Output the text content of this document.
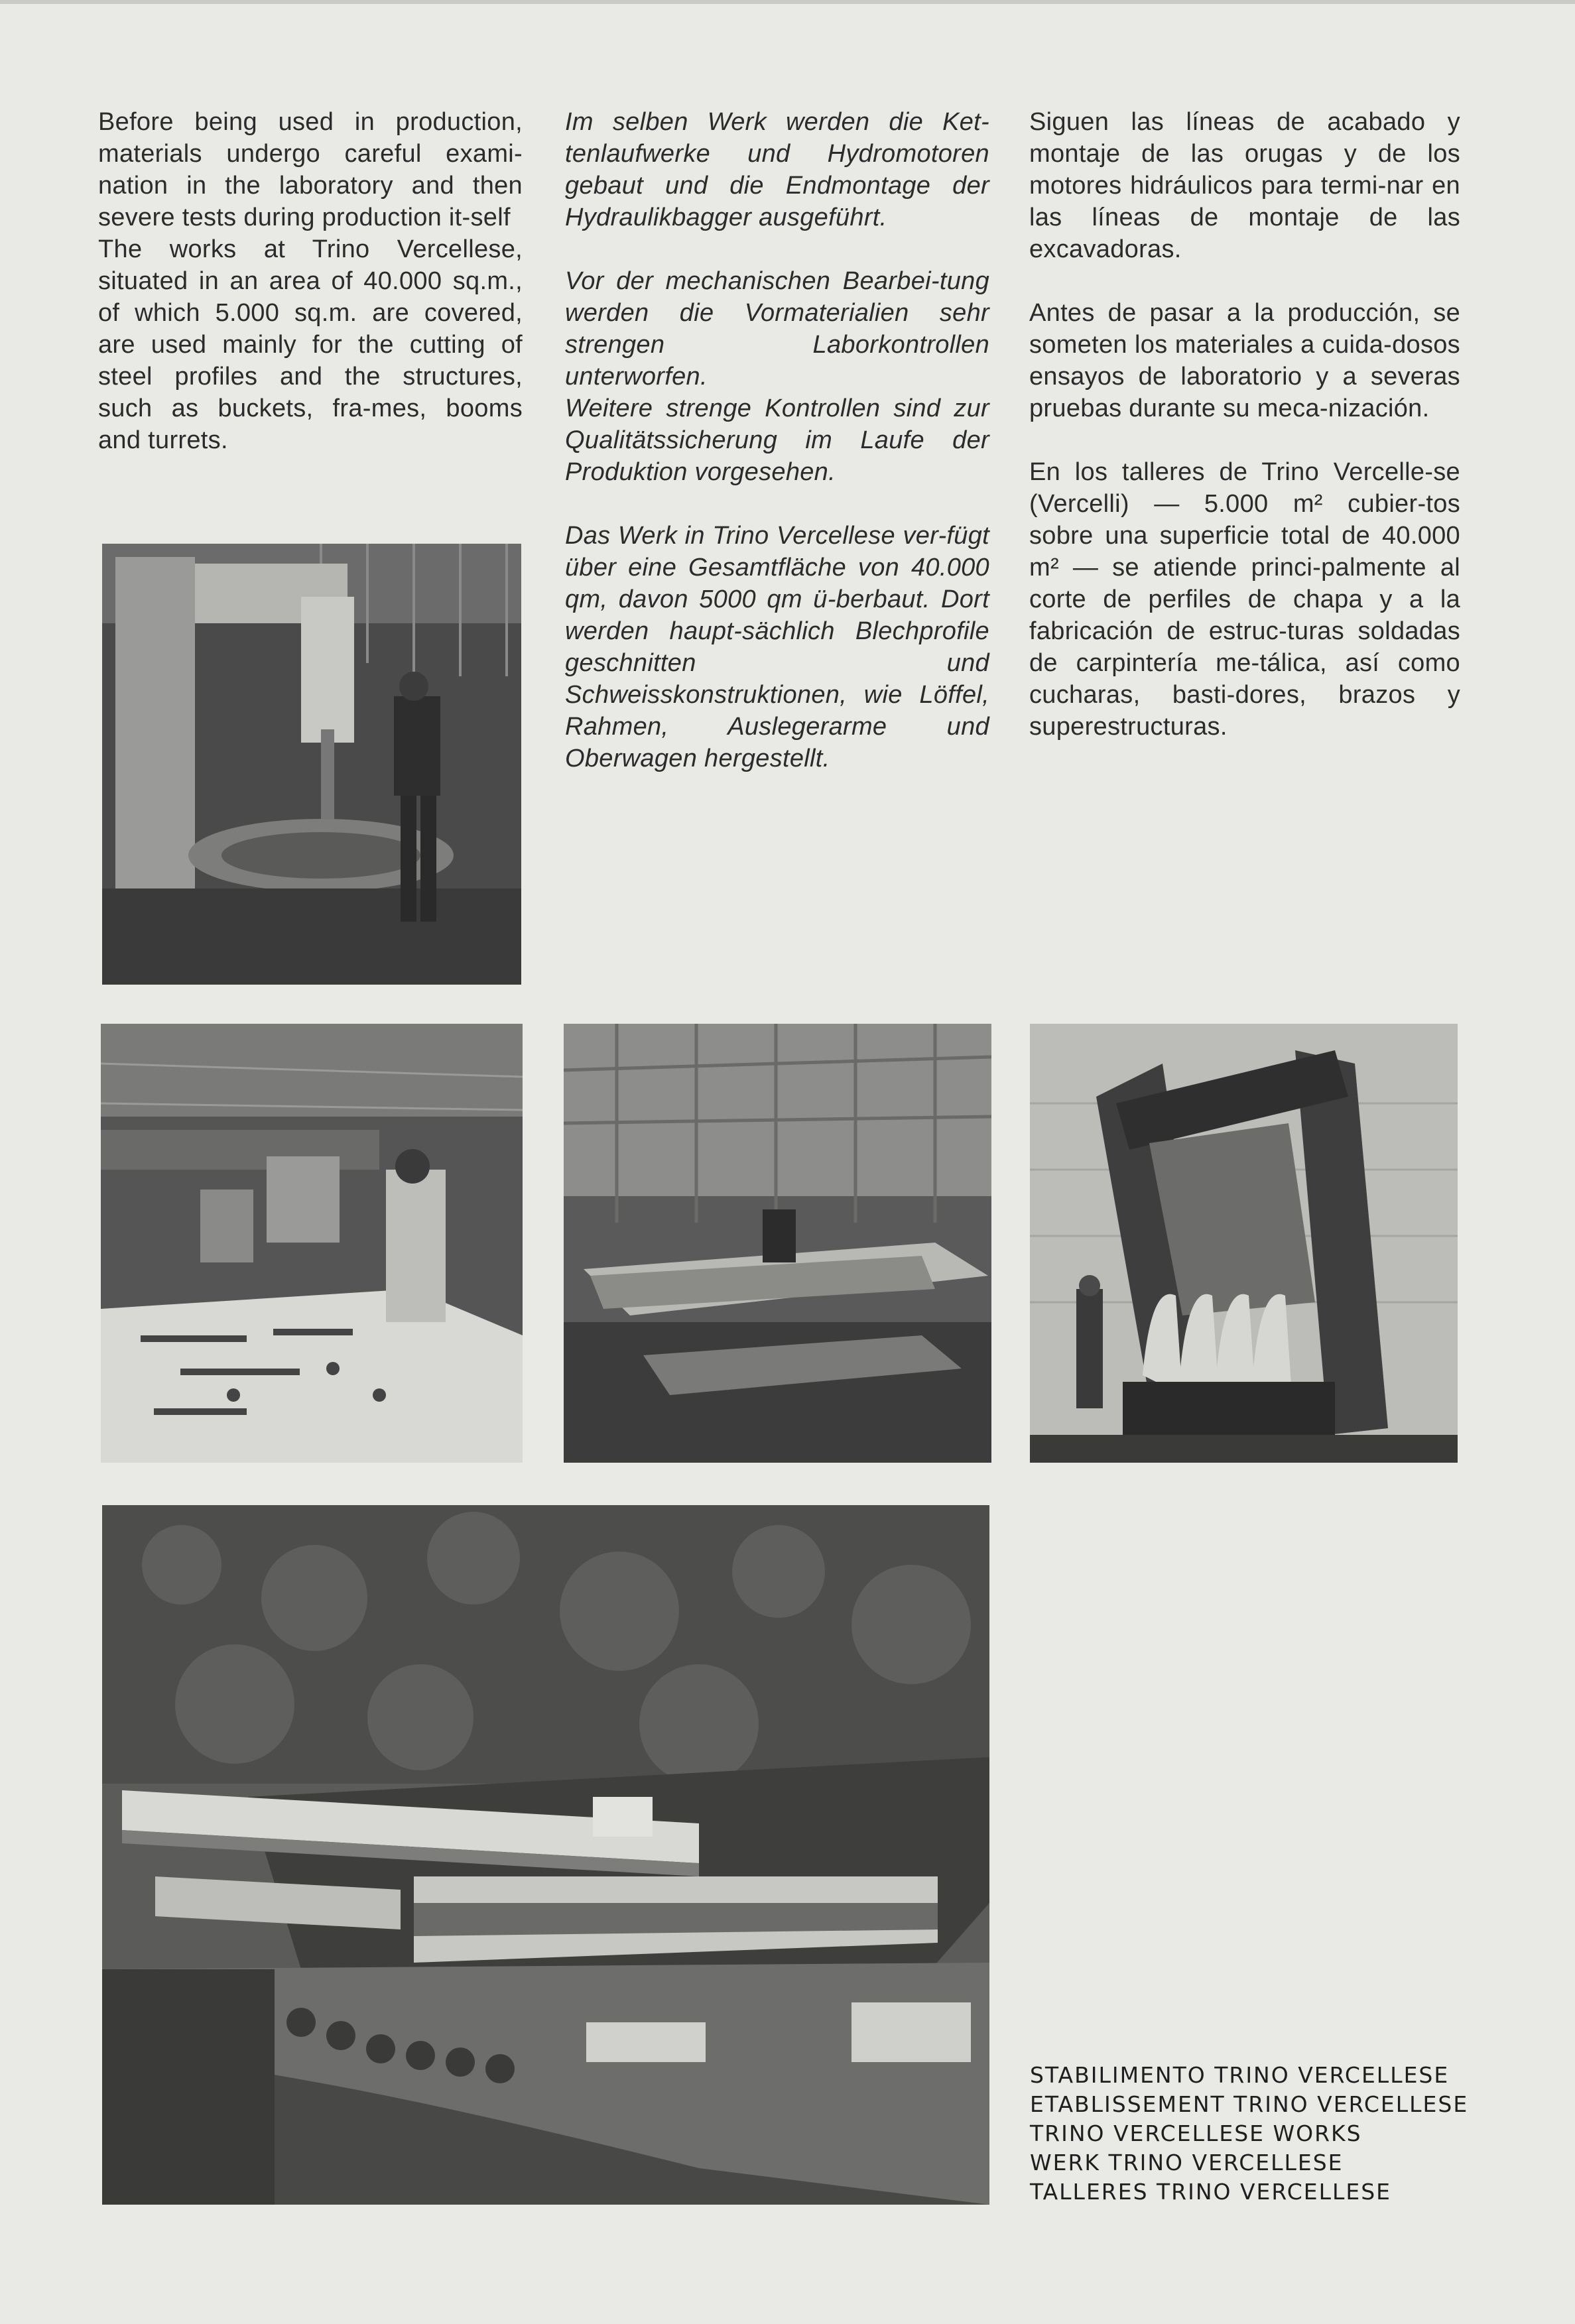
Before being used in production, materials undergo careful exami-nation in the laboratory and then severe tests during production it-self

The works at Trino Vercellese, situated in an area of 40.000 sq.m., of which 5.000 sq.m. are covered, are used mainly for the cutting of steel profiles and the structures, such as buckets, fra-mes, booms and turrets.

Im selben Werk werden die Ket-tenlaufwerke und Hydromotoren gebaut und die Endmontage der Hydraulikbagger ausgeführt.

Vor der mechanischen Bearbei-tung werden die Vormaterialien sehr strengen Laborkontrollen unterworfen.

Weitere strenge Kontrollen sind zur Qualitätssicherung im Laufe der Produktion vorgesehen.

Das Werk in Trino Vercellese ver-fügt über eine Gesamtfläche von 40.000 qm, davon 5000 qm ü-berbaut. Dort werden haupt-sächlich Blechprofile geschnitten und Schweisskonstruktionen, wie Löffel, Rahmen, Auslegerarme und Oberwagen hergestellt.

Siguen las líneas de acabado y montaje de las orugas y de los motores hidráulicos para termi-nar en las líneas de montaje de las excavadoras.

Antes de pasar a la producción, se someten los materiales a cuida-dosos ensayos de laboratorio y a severas pruebas durante su meca-nización.

En los talleres de Trino Vercelle-se (Vercelli) — 5.000 m² cubier-tos sobre una superficie total de 40.000 m² — se atiende princi-palmente al corte de perfiles de chapa y a la fabricación de estruc-turas soldadas de carpintería me-tálica, así como cucharas, basti-dores, brazos y superestructuras.

STABILIMENTO TRINO VERCELLESE
ETABLISSEMENT TRINO VERCELLESE
TRINO VERCELLESE WORKS
WERK TRINO VERCELLESE
TALLERES TRINO VERCELLESE
